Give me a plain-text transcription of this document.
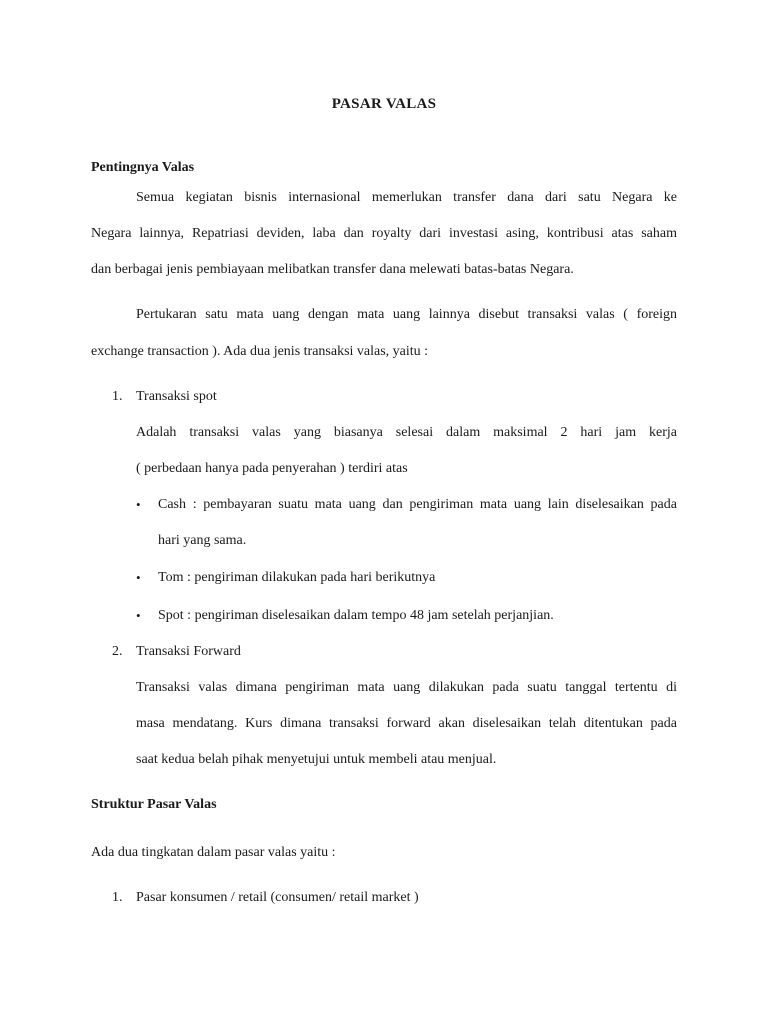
PASAR VALAS
Pentingnya Valas
Semua kegiatan bisnis internasional memerlukan transfer dana dari satu Negara ke
Negara lainnya, Repatriasi deviden, laba dan royalty dari investasi asing, kontribusi atas saham
dan berbagai jenis pembiayaan melibatkan transfer dana melewati batas-batas Negara.
Pertukaran satu mata uang dengan mata uang lainnya disebut transaksi valas ( foreign
exchange transaction ). Ada dua jenis transaksi valas, yaitu :
1. Transaksi spot
Adalah transaksi valas yang biasanya selesai dalam maksimal 2 hari jam kerja
( perbedaan hanya pada penyerahan ) terdiri atas
• Cash : pembayaran suatu mata uang dan pengiriman mata uang lain diselesaikan pada
hari yang sama.
• Tom : pengiriman dilakukan pada hari berikutnya
• Spot : pengiriman diselesaikan dalam tempo 48 jam setelah perjanjian.
2. Transaksi Forward
Transaksi valas dimana pengiriman mata uang dilakukan pada suatu tanggal tertentu di
masa mendatang. Kurs dimana transaksi forward akan diselesaikan telah ditentukan pada
saat kedua belah pihak menyetujui untuk membeli atau menjual.
Struktur Pasar Valas
Ada dua tingkatan dalam pasar valas yaitu :
1. Pasar konsumen / retail (consumen/ retail market )
